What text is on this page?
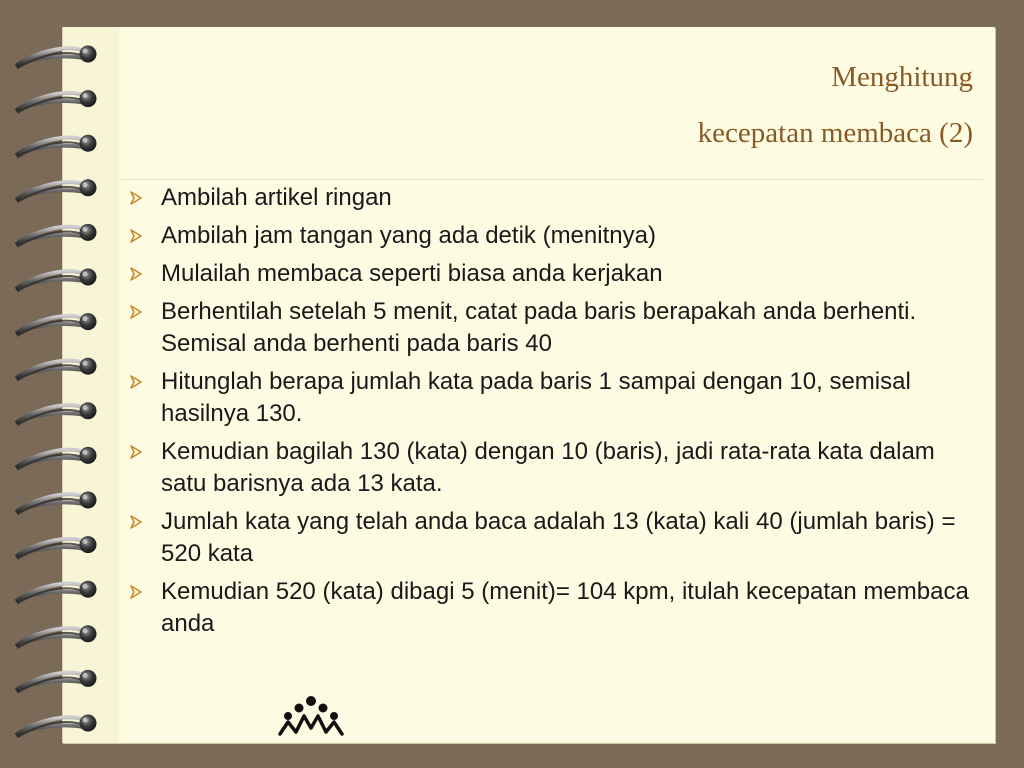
Menghitung
kecepatan membaca (2)
Ambilah artikel ringan
Ambilah jam tangan yang ada detik (menitnya)
Mulailah membaca seperti biasa anda kerjakan
Berhentilah setelah 5 menit, catat pada baris berapakah anda berhenti. Semisal anda berhenti pada baris 40
Hitunglah berapa jumlah kata pada baris 1 sampai dengan 10, semisal hasilnya 130.
Kemudian bagilah 130 (kata) dengan 10 (baris), jadi rata-rata kata dalam satu barisnya ada 13 kata.
Jumlah kata yang telah anda baca adalah 13 (kata) kali 40 (jumlah baris) = 520 kata
Kemudian 520 (kata) dibagi 5 (menit)= 104 kpm, itulah kecepatan membaca anda
